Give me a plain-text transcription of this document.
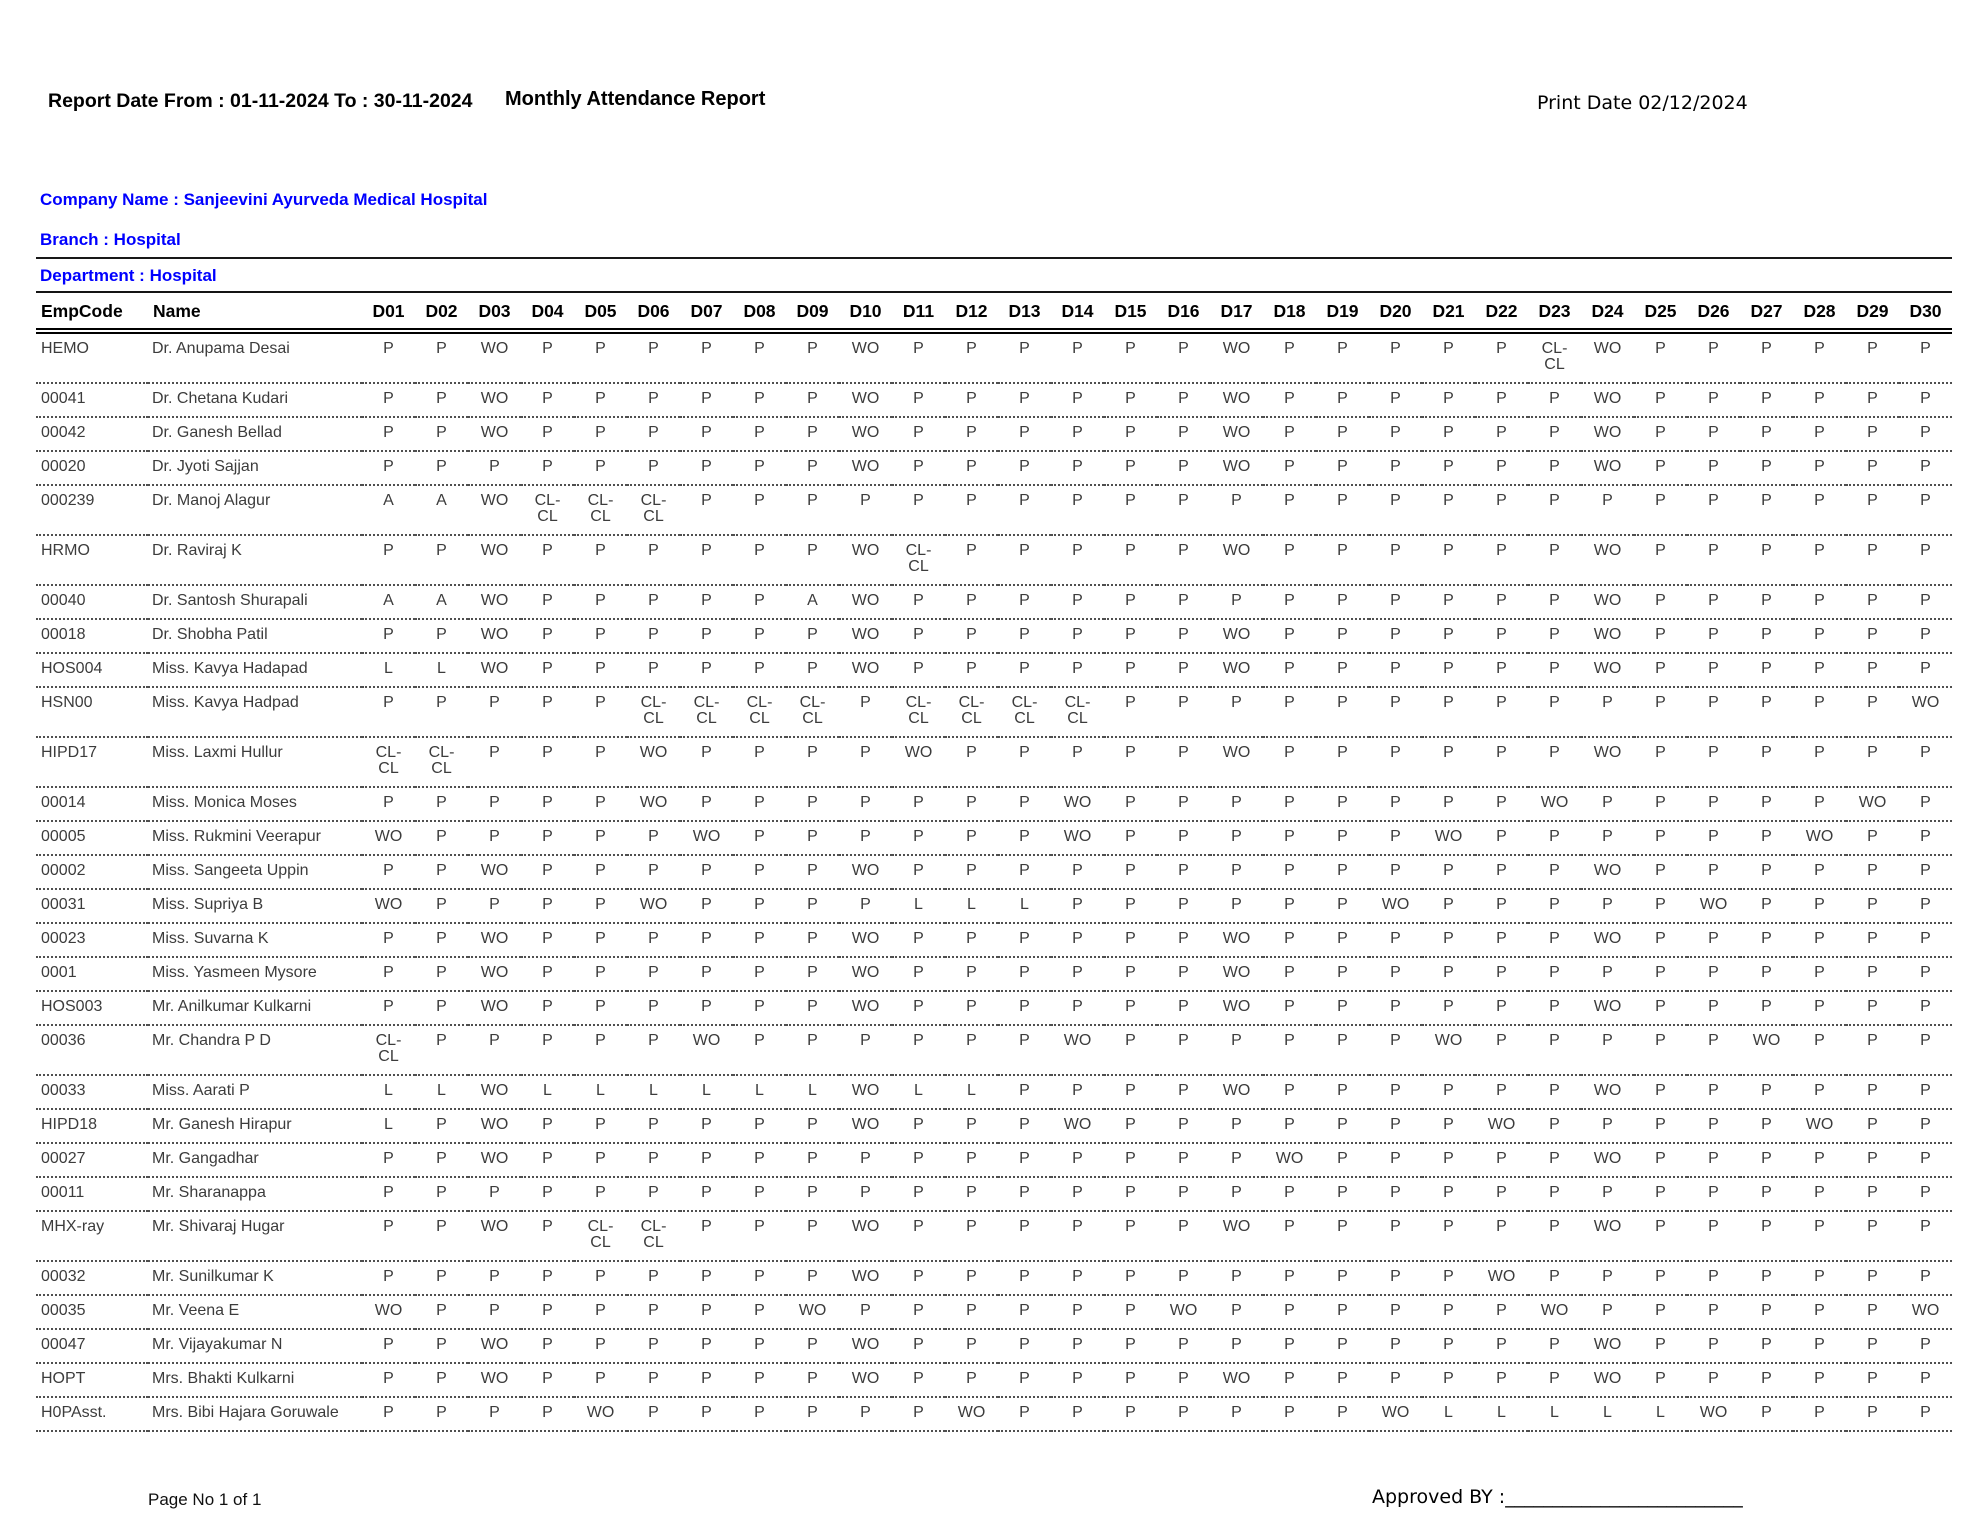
Report Date From : 01-11-2024 To : 30-11-2024 Monthly Attendance Report	Print Date 02/12/2024
Company Name : Sanjeevini Ayurveda Medical Hospital
Branch : Hospital
Department : Hospital
EmpCode	Name	D01	D02	D03	D04	D05	D06	D07	D08	D09	D10	D11	D12	D13	D14	D15	D16	D17	D18	D19	D20	D21	D22	D23	D24	D25	D26	D27	D28	D29	D30
HEMO	Dr. Anupama Desai	P	P	WO	P	P	P	P	P	P	WO	P	P	P	P	P	P	WO	P	P	P	P	P	CL-CL	WO	P	P	P	P	P	P
00041	Dr. Chetana Kudari	P	P	WO	P	P	P	P	P	P	WO	P	P	P	P	P	P	WO	P	P	P	P	P	P	WO	P	P	P	P	P	P
00042	Dr. Ganesh Bellad	P	P	WO	P	P	P	P	P	P	WO	P	P	P	P	P	P	WO	P	P	P	P	P	P	WO	P	P	P	P	P	P
00020	Dr. Jyoti Sajjan	P	P	P	P	P	P	P	P	P	WO	P	P	P	P	P	P	WO	P	P	P	P	P	P	WO	P	P	P	P	P	P
000239	Dr. Manoj Alagur	A	A	WO	CL-CL	CL-CL	CL-CL	P	P	P	P	P	P	P	P	P	P	P	P	P	P	P	P	P	P	P	P	P	P	P	P
HRMO	Dr. Raviraj K	P	P	WO	P	P	P	P	P	P	WO	CL-CL	P	P	P	P	P	WO	P	P	P	P	P	P	WO	P	P	P	P	P	P
00040	Dr. Santosh Shurapali	A	A	WO	P	P	P	P	P	A	WO	P	P	P	P	P	P	P	P	P	P	P	P	P	WO	P	P	P	P	P	P
00018	Dr. Shobha Patil	P	P	WO	P	P	P	P	P	P	WO	P	P	P	P	P	P	WO	P	P	P	P	P	P	WO	P	P	P	P	P	P
HOS004	Miss. Kavya Hadapad	L	L	WO	P	P	P	P	P	P	WO	P	P	P	P	P	P	WO	P	P	P	P	P	P	WO	P	P	P	P	P	P
HSN00	Miss. Kavya Hadpad	P	P	P	P	P	CL-CL	CL-CL	CL-CL	CL-CL	P	CL-CL	CL-CL	CL-CL	CL-CL	P	P	P	P	P	P	P	P	P	P	P	P	P	P	P	WO
HIPD17	Miss. Laxmi Hullur	CL-CL	CL-CL	P	P	P	WO	P	P	P	P	WO	P	P	P	P	P	WO	P	P	P	P	P	P	WO	P	P	P	P	P	P
00014	Miss. Monica Moses	P	P	P	P	P	WO	P	P	P	P	P	P	P	WO	P	P	P	P	P	P	P	P	WO	P	P	P	P	P	WO	P
00005	Miss. Rukmini Veerapur	WO	P	P	P	P	P	WO	P	P	P	P	P	P	WO	P	P	P	P	P	P	WO	P	P	P	P	P	P	WO	P	P
00002	Miss. Sangeeta Uppin	P	P	WO	P	P	P	P	P	P	WO	P	P	P	P	P	P	P	P	P	P	P	P	P	WO	P	P	P	P	P	P
00031	Miss. Supriya B	WO	P	P	P	P	WO	P	P	P	P	L	L	L	P	P	P	P	P	P	WO	P	P	P	P	P	WO	P	P	P	P
00023	Miss. Suvarna K	P	P	WO	P	P	P	P	P	P	WO	P	P	P	P	P	P	WO	P	P	P	P	P	P	WO	P	P	P	P	P	P
0001	Miss. Yasmeen Mysore	P	P	WO	P	P	P	P	P	P	WO	P	P	P	P	P	P	WO	P	P	P	P	P	P	P	P	P	P	P	P	P
HOS003	Mr. Anilkumar Kulkarni	P	P	WO	P	P	P	P	P	P	WO	P	P	P	P	P	P	WO	P	P	P	P	P	P	WO	P	P	P	P	P	P
00036	Mr. Chandra P D	CL-CL	P	P	P	P	P	WO	P	P	P	P	P	P	WO	P	P	P	P	P	P	WO	P	P	P	P	P	WO	P	P	P
00033	Miss. Aarati P	L	L	WO	L	L	L	L	L	L	WO	L	L	P	P	P	P	WO	P	P	P	P	P	P	WO	P	P	P	P	P	P
HIPD18	Mr. Ganesh Hirapur	L	P	WO	P	P	P	P	P	P	WO	P	P	P	WO	P	P	P	P	P	P	P	WO	P	P	P	P	P	WO	P	P
00027	Mr. Gangadhar	P	P	WO	P	P	P	P	P	P	P	P	P	P	P	P	P	P	WO	P	P	P	P	P	WO	P	P	P	P	P	P
00011	Mr. Sharanappa	P	P	P	P	P	P	P	P	P	P	P	P	P	P	P	P	P	P	P	P	P	P	P	P	P	P	P	P	P	P
MHX-ray	Mr. Shivaraj Hugar	P	P	WO	P	CL-CL	CL-CL	P	P	P	WO	P	P	P	P	P	P	WO	P	P	P	P	P	P	WO	P	P	P	P	P	P
00032	Mr. Sunilkumar K	P	P	P	P	P	P	P	P	P	WO	P	P	P	P	P	P	P	P	P	P	P	WO	P	P	P	P	P	P	P	P
00035	Mr. Veena E	WO	P	P	P	P	P	P	P	WO	P	P	P	P	P	P	WO	P	P	P	P	P	P	WO	P	P	P	P	P	P	WO
00047	Mr. Vijayakumar N	P	P	WO	P	P	P	P	P	P	WO	P	P	P	P	P	P	P	P	P	P	P	P	P	WO	P	P	P	P	P	P
HOPT	Mrs. Bhakti Kulkarni	P	P	WO	P	P	P	P	P	P	WO	P	P	P	P	P	P	WO	P	P	P	P	P	P	WO	P	P	P	P	P	P
H0PAsst.	Mrs. Bibi Hajara Goruwale	P	P	P	P	WO	P	P	P	P	P	P	WO	P	P	P	P	P	P	P	WO	L	L	L	L	L	WO	P	P	P	P
Page No 1 of 1	Approved BY :_________________________
